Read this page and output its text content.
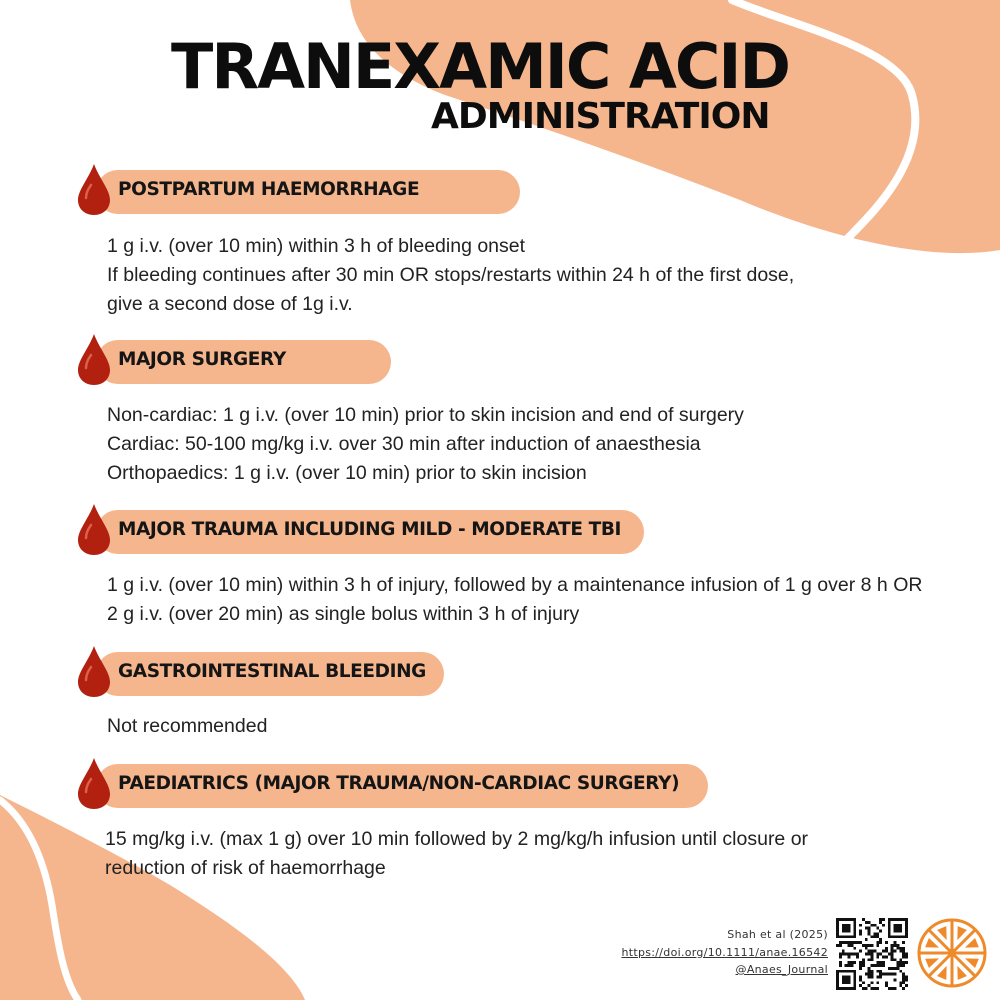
TRANEXAMIC ACID
ADMINISTRATION
POSTPARTUM HAEMORRHAGE
1 g i.v. (over 10 min) within 3 h of bleeding onset
If bleeding continues after 30 min OR stops/restarts within 24 h of the first dose,
give a second dose of 1g i.v.
MAJOR SURGERY
Non-cardiac: 1 g i.v. (over 10 min) prior to skin incision and end of surgery
Cardiac: 50-100 mg/kg i.v. over 30 min after induction of anaesthesia
Orthopaedics: 1 g i.v. (over 10 min) prior to skin incision
MAJOR TRAUMA INCLUDING MILD - MODERATE TBI
1 g i.v. (over 10 min) within 3 h of injury, followed by a maintenance infusion of 1 g over 8 h OR
2 g i.v. (over 20 min) as single bolus within 3 h of injury
GASTROINTESTINAL BLEEDING
Not recommended
PAEDIATRICS (MAJOR TRAUMA/NON-CARDIAC SURGERY)
15 mg/kg i.v. (max 1 g) over 10 min followed by 2 mg/kg/h infusion until closure or
reduction of risk of haemorrhage
Shah et al (2025)
https://doi.org/10.1111/anae.16542
@Anaes_Journal
